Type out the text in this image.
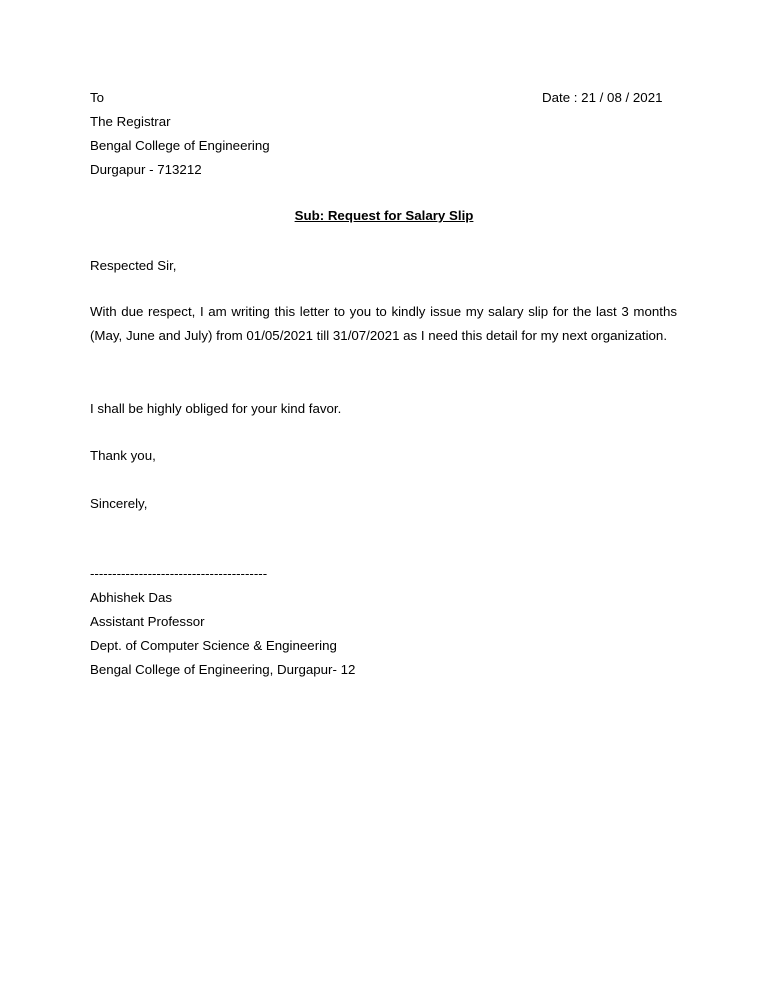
To	Date : 21 / 08 / 2021
The Registrar
Bengal College of Engineering
Durgapur - 713212
Sub: Request for Salary Slip
Respected Sir,
With due respect, I am writing this letter to you to kindly issue my salary slip for the last 3 months (May, June and July) from 01/05/2021 till 31/07/2021 as I need this detail for my next organization.
I shall be highly obliged for your kind favor.
Thank you,
Sincerely,
----------------------------------------
Abhishek Das
Assistant Professor
Dept. of Computer Science & Engineering
Bengal College of Engineering, Durgapur- 12
